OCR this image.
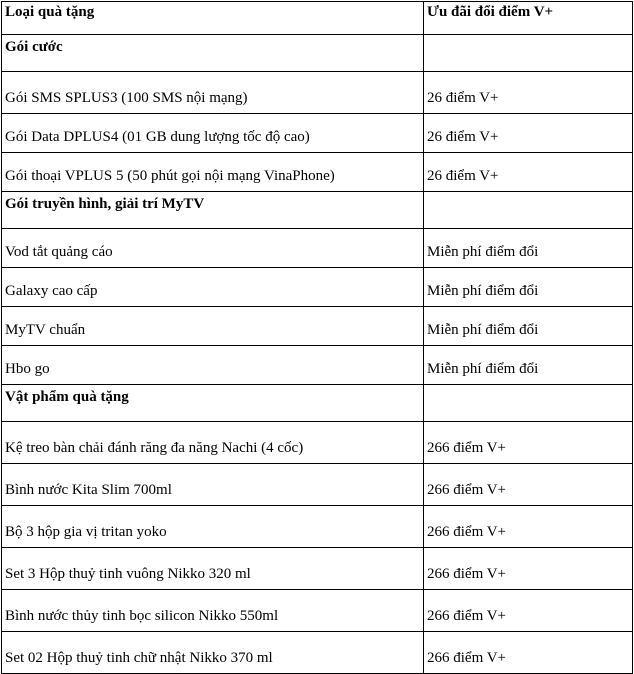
Loại quà tặng	Ưu đãi đổi điểm V+
Gói cước	
Gói SMS SPLUS3 (100 SMS nội mạng)	26 điểm V+
Gói Data DPLUS4 (01 GB dung lượng tốc độ cao)	26 điểm V+
Gói thoại VPLUS 5 (50 phút gọi nội mạng VinaPhone)	26 điểm V+
Gói truyền hình, giải trí MyTV	
Vod tắt quảng cáo	Miễn phí điểm đổi
Galaxy cao cấp	Miễn phí điểm đổi
MyTV chuẩn	Miễn phí điểm đổi
Hbo go	Miễn phí điểm đổi
Vật phẩm quà tặng	
Kệ treo bàn chải đánh răng đa năng Nachi (4 cốc)	266 điểm V+
Bình nước Kita Slim 700ml	266 điểm V+
Bộ 3 hộp gia vị tritan yoko	266 điểm V+
Set 3 Hộp thuỷ tinh vuông Nikko 320 ml	266 điểm V+
Bình nước thủy tinh bọc silicon Nikko 550ml	266 điểm V+
Set 02 Hộp thuỷ tinh chữ nhật Nikko 370 ml	266 điểm V+
